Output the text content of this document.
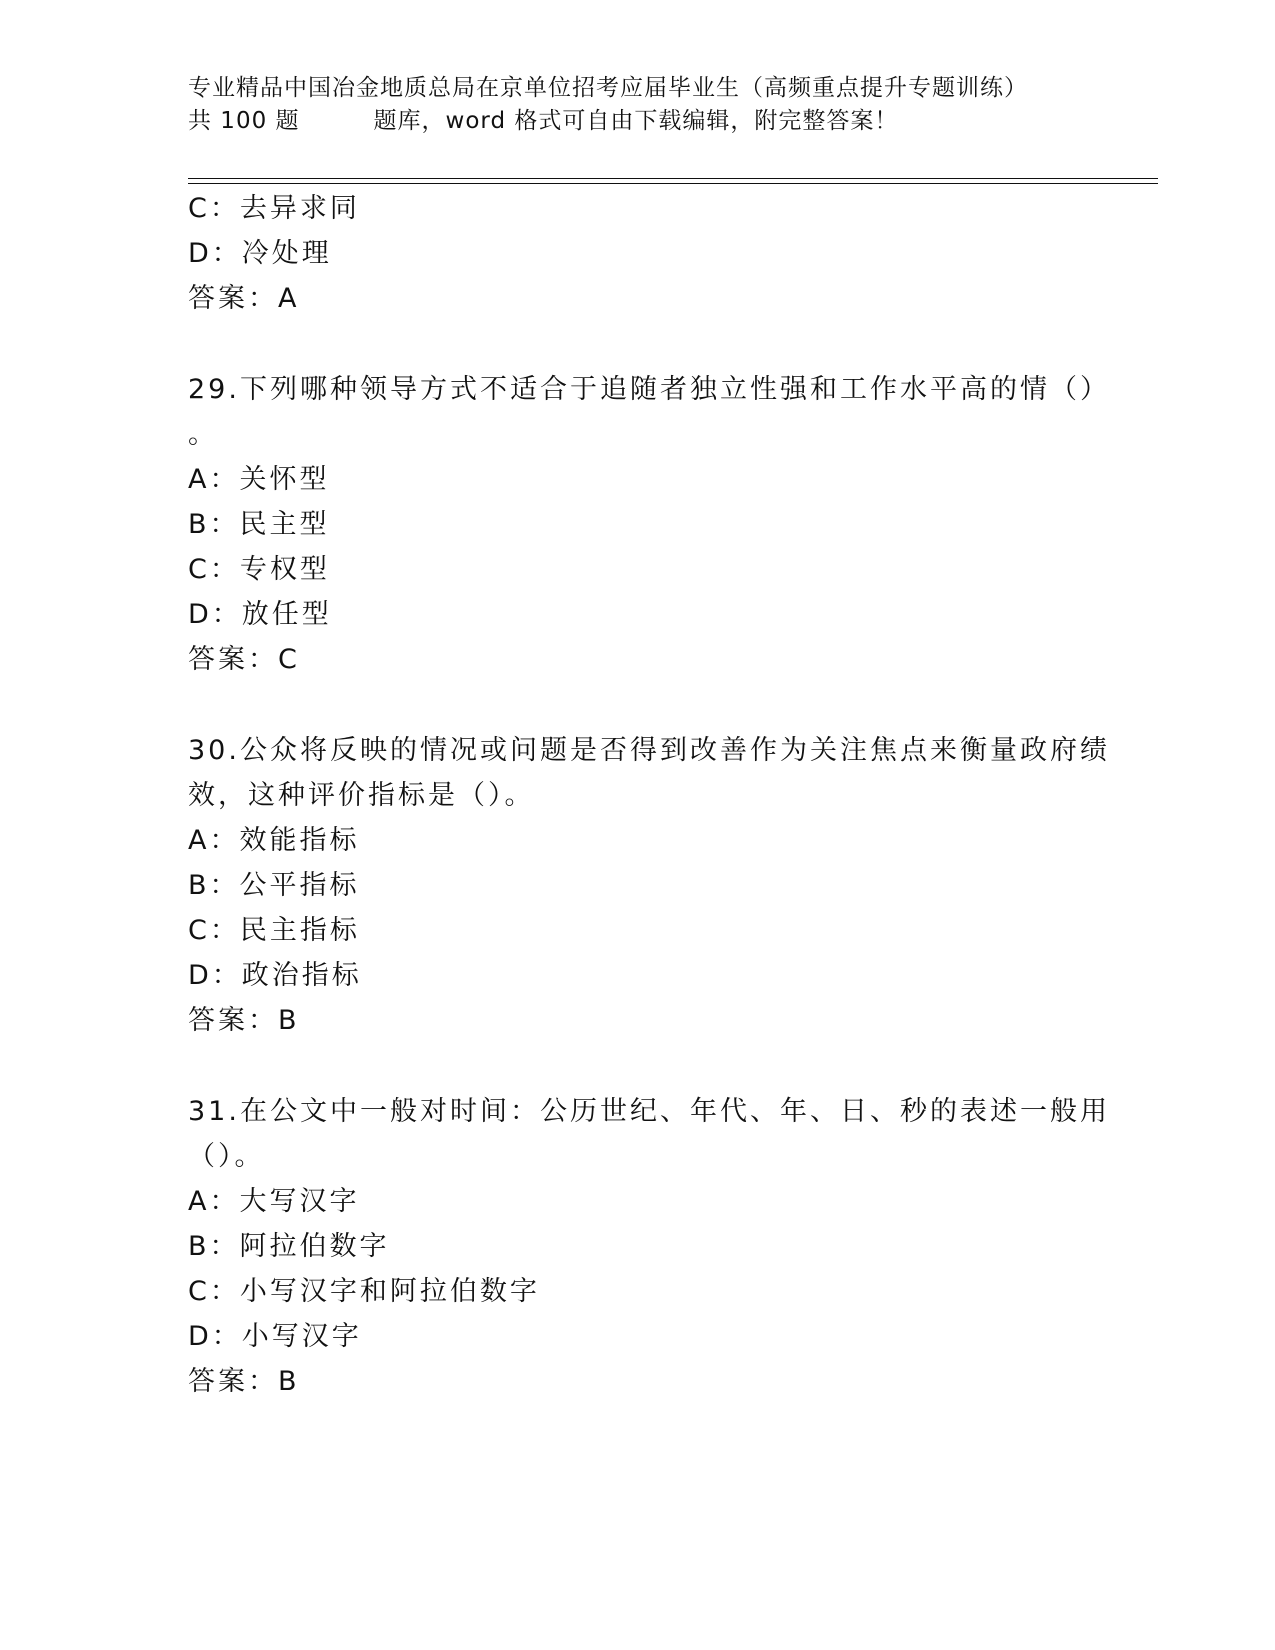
专业精品中国冶金地质总局在京单位招考应届毕业生（高频重点提升专题训练）
共 100 题	题库，word 格式可自由下载编辑，附完整答案！
C：去异求同
D：冷处理
答案：A
29.下列哪种领导方式不适合于追随者独立性强和工作水平高的情（）
。
A：关怀型
B：民主型
C：专权型
D：放任型
答案：C
30.公众将反映的情况或问题是否得到改善作为关注焦点来衡量政府绩
效，这种评价指标是（）。
A：效能指标
B：公平指标
C：民主指标
D：政治指标
答案：B
31.在公文中一般对时间：公历世纪、年代、年、日、秒的表述一般用
（）。
A：大写汉字
B：阿拉伯数字
C：小写汉字和阿拉伯数字
D：小写汉字
答案：B
